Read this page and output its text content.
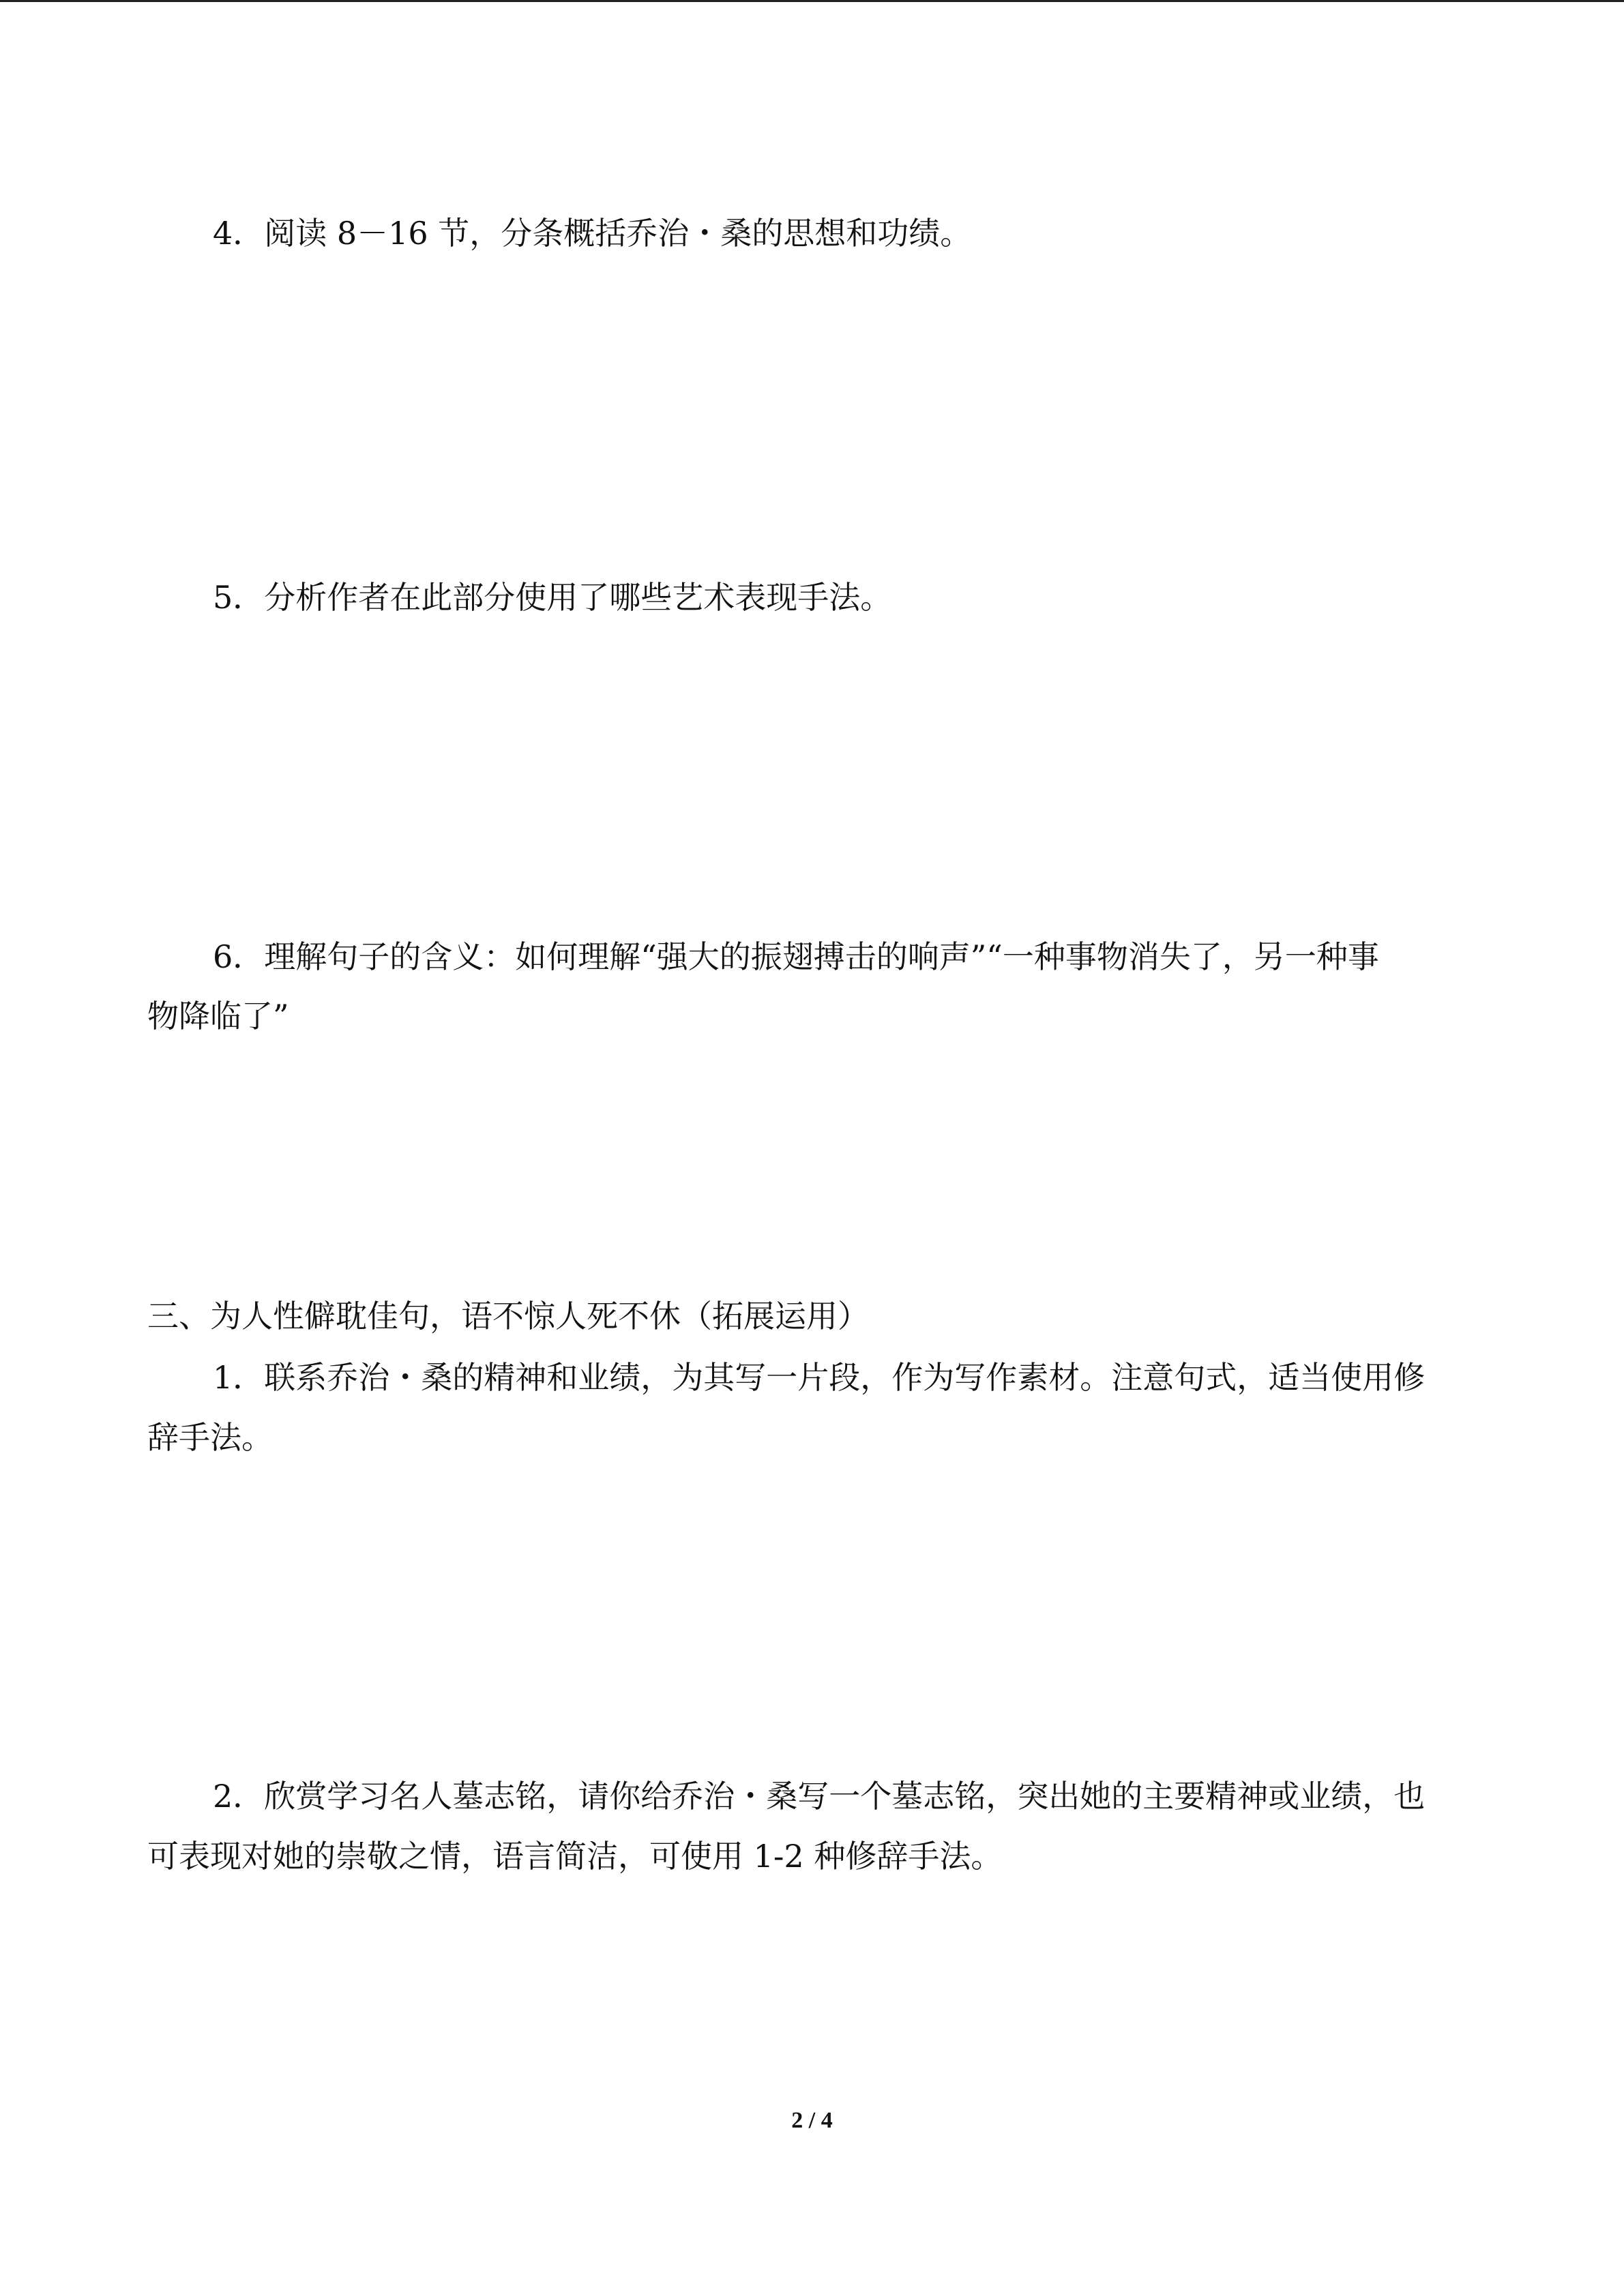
4．阅读 8－16 节，分条概括乔治・桑的思想和功绩。
5．分析作者在此部分使用了哪些艺术表现手法。
6．理解句子的含义：如何理解“强大的振翅搏击的响声”“一种事物消失了，另一种事
物降临了”
三、为人性僻耽佳句，语不惊人死不休（拓展运用）
1．联系乔治・桑的精神和业绩，为其写一片段，作为写作素材。注意句式，适当使用修
辞手法。
2．欣赏学习名人墓志铭，请你给乔治・桑写一个墓志铭，突出她的主要精神或业绩，也
可表现对她的崇敬之情，语言简洁，可使用 1-2 种修辞手法。
2 / 4
